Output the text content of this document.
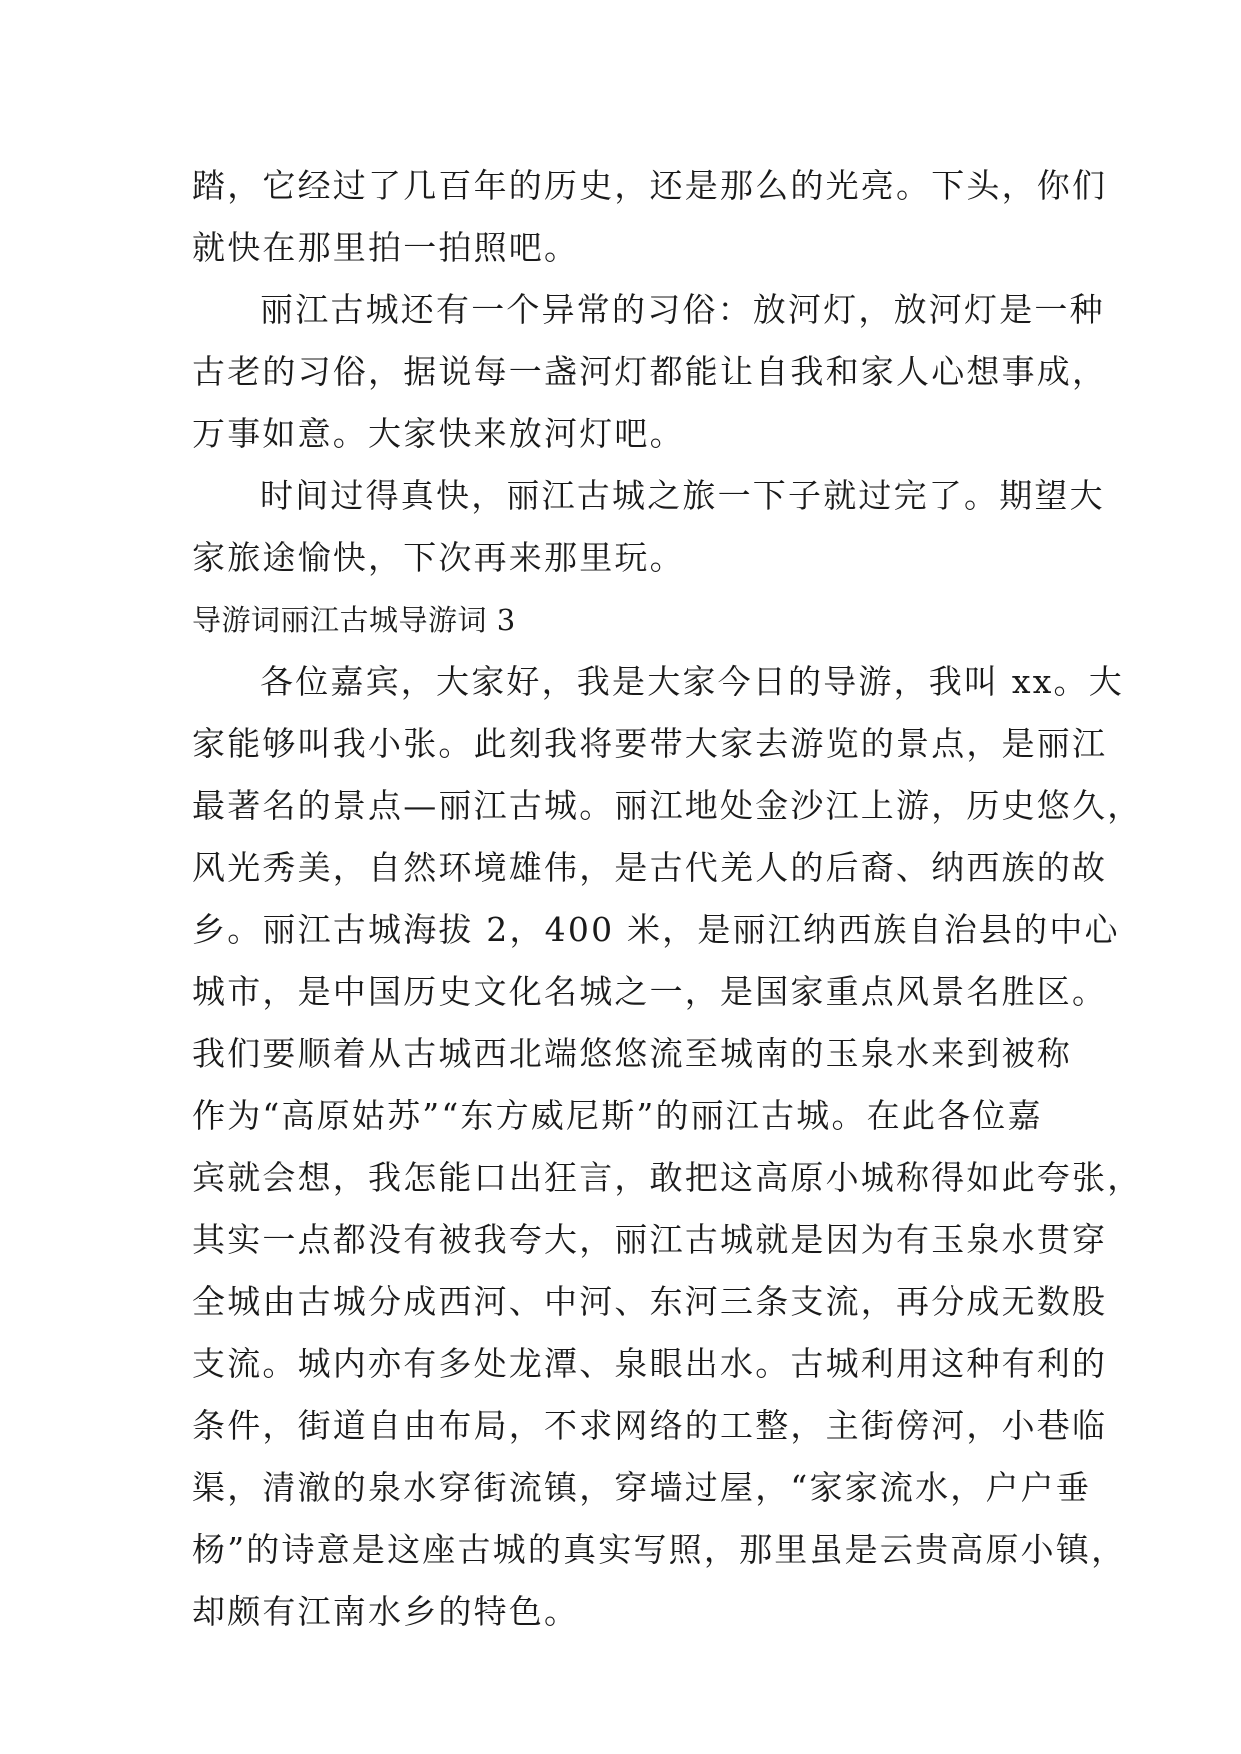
踏，它经过了几百年的历史，还是那么的光亮。下头，你们
就快在那里拍一拍照吧。
丽江古城还有一个异常的习俗：放河灯，放河灯是一种
古老的习俗，据说每一盏河灯都能让自我和家人心想事成，
万事如意。大家快来放河灯吧。
时间过得真快，丽江古城之旅一下子就过完了。期望大
家旅途愉快，下次再来那里玩。
导游词丽江古城导游词 3
各位嘉宾，大家好，我是大家今日的导游，我叫 xx。大
家能够叫我小张。此刻我将要带大家去游览的景点，是丽江
最著名的景点—丽江古城。丽江地处金沙江上游，历史悠久，
风光秀美，自然环境雄伟，是古代羌人的后裔、纳西族的故
乡。丽江古城海拔 2，400 米，是丽江纳西族自治县的中心
城市，是中国历史文化名城之一，是国家重点风景名胜区。
我们要顺着从古城西北端悠悠流至城南的玉泉水来到被称
作为“高原姑苏”“东方威尼斯”的丽江古城。在此各位嘉
宾就会想，我怎能口出狂言，敢把这高原小城称得如此夸张，
其实一点都没有被我夸大，丽江古城就是因为有玉泉水贯穿
全城由古城分成西河、中河、东河三条支流，再分成无数股
支流。城内亦有多处龙潭、泉眼出水。古城利用这种有利的
条件，街道自由布局，不求网络的工整，主街傍河，小巷临
渠，清澈的泉水穿街流镇，穿墙过屋，“家家流水，户户垂
杨”的诗意是这座古城的真实写照，那里虽是云贵高原小镇，
却颇有江南水乡的特色。
